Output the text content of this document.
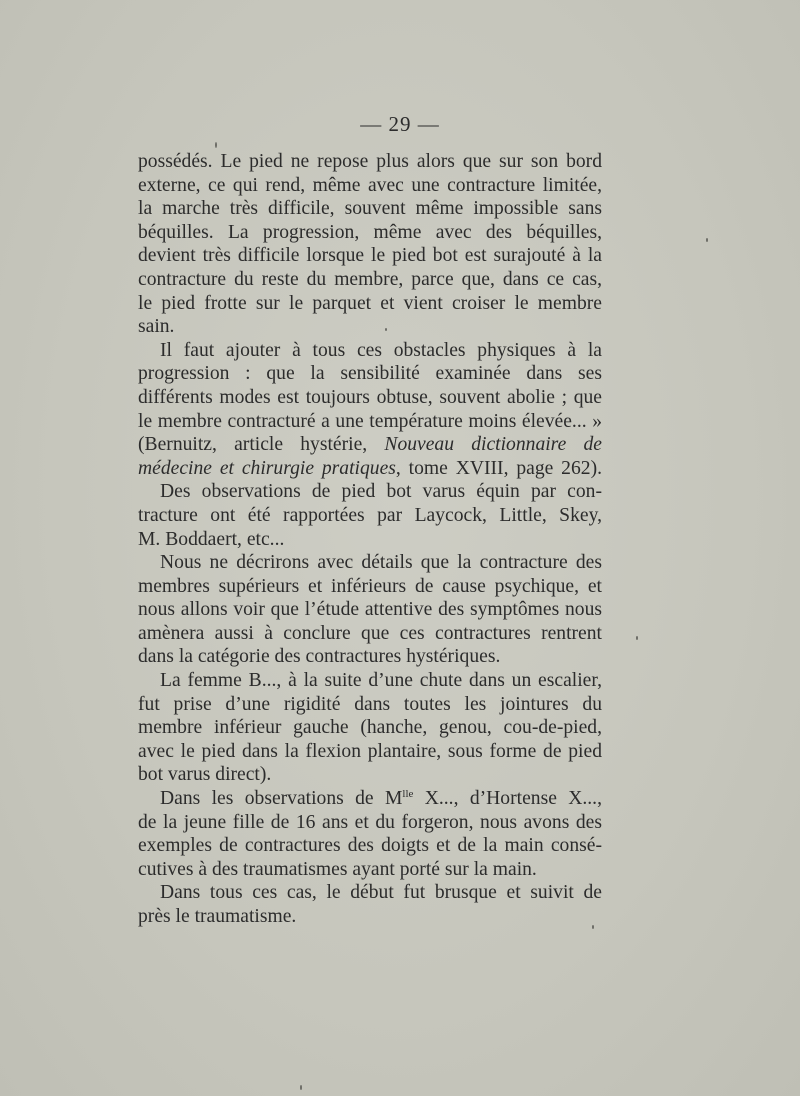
— 29 —
possédés. Le pied ne repose plus alors que sur son bord
externe, ce qui rend, même avec une contracture limitée,
la marche très difficile, souvent même impossible sans
béquilles. La progression, même avec des béquilles,
devient très difficile lorsque le pied bot est surajouté à la
contracture du reste du membre, parce que, dans ce cas,
le pied frotte sur le parquet et vient croiser le membre
sain.
Il faut ajouter à tous ces obstacles physiques à la
progression : que la sensibilité examinée dans ses
différents modes est toujours obtuse, souvent abolie ; que
le membre contracturé a une température moins élevée... »
(Bernuitz, article hystérie, Nouveau dictionnaire de
médecine et chirurgie pratiques, tome XVIII, page 262).
Des observations de pied bot varus équin par con-
tracture ont été rapportées par Laycock, Little, Skey,
M. Boddaert, etc...
Nous ne décrirons avec détails que la contracture des
membres supérieurs et inférieurs de cause psychique, et
nous allons voir que l’étude attentive des symptômes nous
amènera aussi à conclure que ces contractures rentrent
dans la catégorie des contractures hystériques.
La femme B..., à la suite d’une chute dans un escalier,
fut prise d’une rigidité dans toutes les jointures du
membre inférieur gauche (hanche, genou, cou-de-pied,
avec le pied dans la flexion plantaire, sous forme de pied
bot varus direct).
Dans les observations de $M^{lle}$ X..., d’Hortense X...,
de la jeune fille de 16 ans et du forgeron, nous avons des
exemples de contractures des doigts et de la main consé-
cutives à des traumatismes ayant porté sur la main.
Dans tous ces cas, le début fut brusque et suivit de
près le traumatisme.
